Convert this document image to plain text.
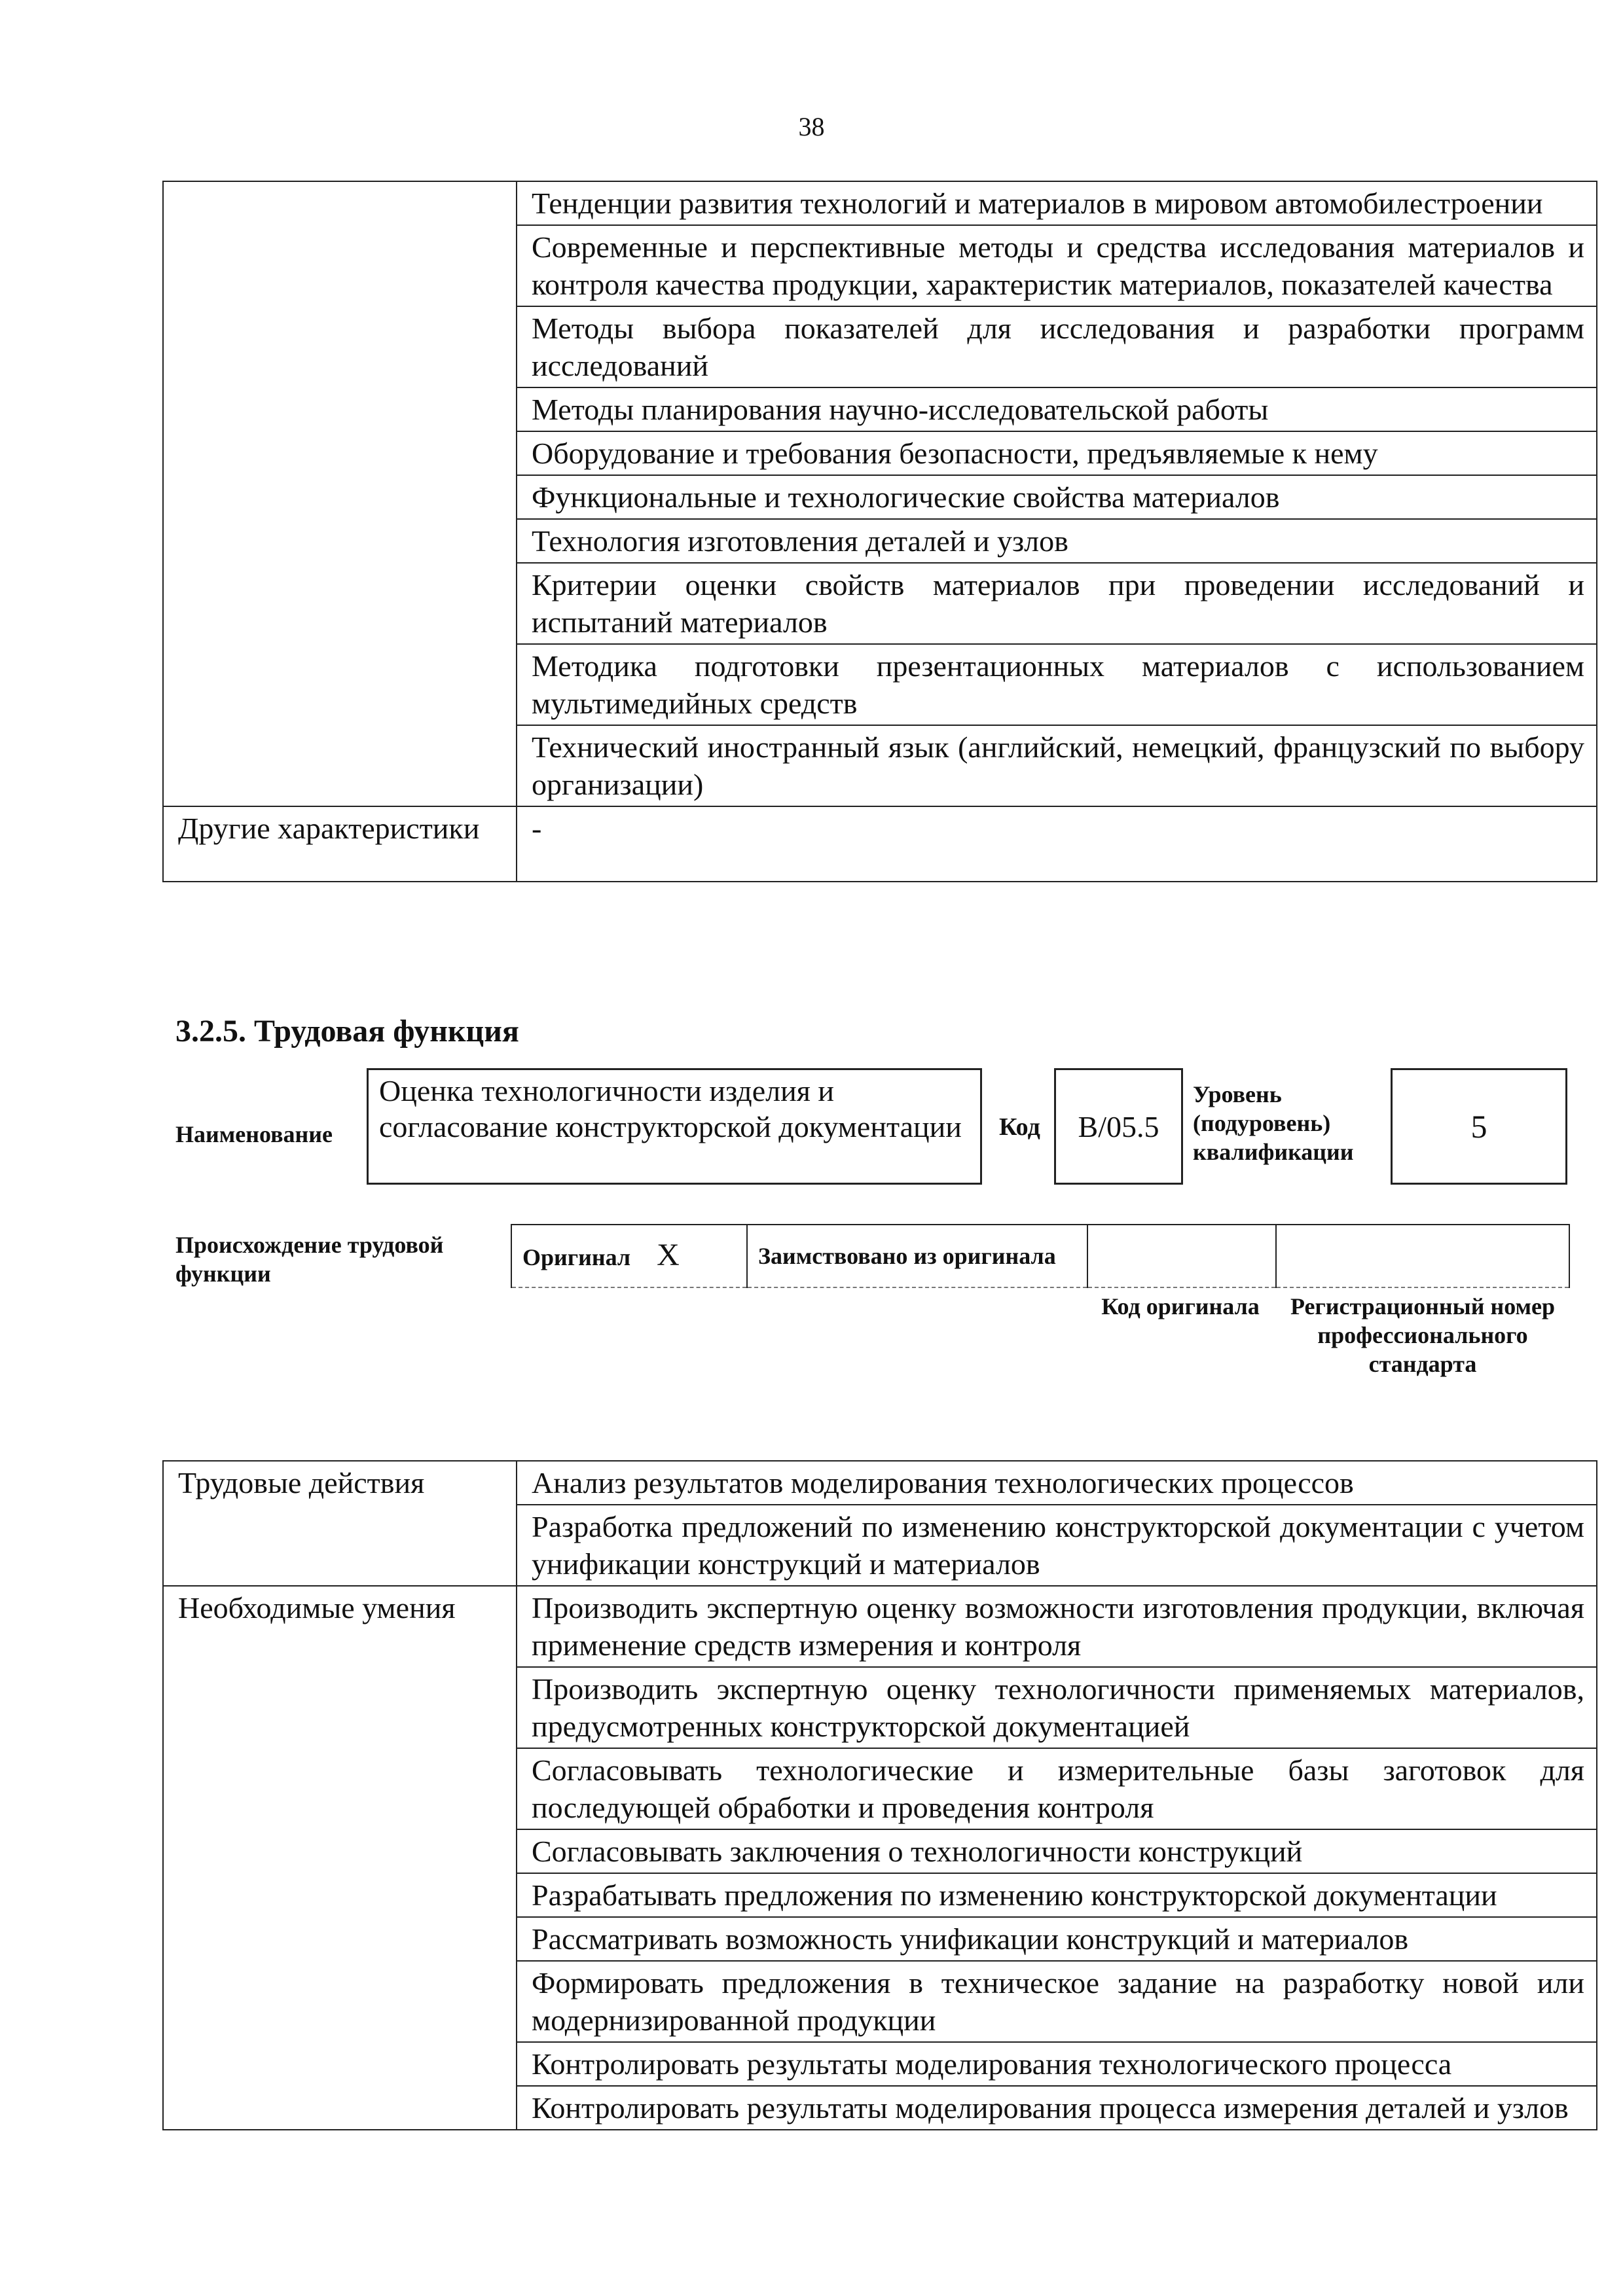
38
	Тенденции развития технологий и материалов в мировом автомобилестроении
	Современные и перспективные методы и средства исследования материалов и контроля качества продукции, характеристик материалов, показателей качества
	Методы выбора показателей для исследования и разработки программ исследований
	Методы планирования научно-исследовательской работы
	Оборудование и требования безопасности, предъявляемые к нему
	Функциональные и технологические свойства материалов
	Технология изготовления деталей и узлов
	Критерии оценки свойств материалов при проведении исследований и испытаний материалов
	Методика подготовки презентационных материалов с использованием мультимедийных средств
	Технический иностранный язык (английский, немецкий, французский по выбору организации)
Другие характеристики	-
3.2.5. Трудовая функция
Наименование
Оценка технологичности изделия и согласование конструкторской документации	Код	B/05.5
Уровень (подуровень) квалификации
5
Происхождение трудовой функции
Оригинал X	Заимствовано из оригинала		
Код оригинала	Регистрационный номер профессионального стандарта
Трудовые действия	Анализ результатов моделирования технологических процессов
	Разработка предложений по изменению конструкторской документации с учетом унификации конструкций и материалов
Необходимые умения	Производить экспертную оценку возможности изготовления продукции, включая применение средств измерения и контроля
	Производить экспертную оценку технологичности применяемых материалов, предусмотренных конструкторской документацией
	Согласовывать технологические и измерительные базы заготовок для последующей обработки и проведения контроля
	Согласовывать заключения о технологичности конструкций
	Разрабатывать предложения по изменению конструкторской документации
	Рассматривать возможность унификации конструкций и материалов
	Формировать предложения в техническое задание на разработку новой или модернизированной продукции
	Контролировать результаты моделирования технологического процесса
	Контролировать результаты моделирования процесса измерения деталей и узлов
